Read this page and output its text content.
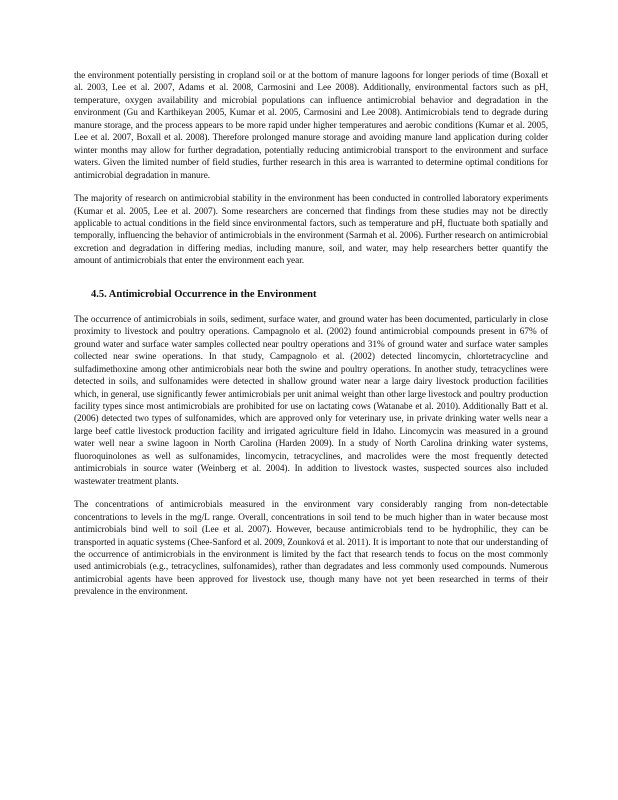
the environment potentially persisting in cropland soil or at the bottom of manure lagoons for longer periods of time (Boxall et al. 2003, Lee et al. 2007, Adams et al. 2008, Carmosini and Lee 2008). Additionally, environmental factors such as pH, temperature, oxygen availability and microbial populations can influence antimicrobial behavior and degradation in the environment (Gu and Karthikeyan 2005, Kumar et al. 2005, Carmosini and Lee 2008). Antimicrobials tend to degrade during manure storage, and the process appears to be more rapid under higher temperatures and aerobic conditions (Kumar et al. 2005, Lee et al. 2007, Boxall et al. 2008). Therefore prolonged manure storage and avoiding manure land application during colder winter months may allow for further degradation, potentially reducing antimicrobial transport to the environment and surface waters. Given the limited number of field studies, further research in this area is warranted to determine optimal conditions for antimicrobial degradation in manure.

The majority of research on antimicrobial stability in the environment has been conducted in controlled laboratory experiments (Kumar et al. 2005, Lee et al. 2007). Some researchers are concerned that findings from these studies may not be directly applicable to actual conditions in the field since environmental factors, such as temperature and pH, fluctuate both spatially and temporally, influencing the behavior of antimicrobials in the environment (Sarmah et al. 2006). Further research on antimicrobial excretion and degradation in differing medias, including manure, soil, and water, may help researchers better quantify the amount of antimicrobials that enter the environment each year.

4.5. Antimicrobial Occurrence in the Environment

The occurrence of antimicrobials in soils, sediment, surface water, and ground water has been documented, particularly in close proximity to livestock and poultry operations. Campagnolo et al. (2002) found antimicrobial compounds present in 67% of ground water and surface water samples collected near poultry operations and 31% of ground water and surface water samples collected near swine operations. In that study, Campagnolo et al. (2002) detected lincomycin, chlortetracycline and sulfadimethoxine among other antimicrobials near both the swine and poultry operations. In another study, tetracyclines were detected in soils, and sulfonamides were detected in shallow ground water near a large dairy livestock production facilities which, in general, use significantly fewer antimicrobials per unit animal weight than other large livestock and poultry production facility types since most antimicrobials are prohibited for use on lactating cows (Watanabe et al. 2010). Additionally Batt et al. (2006) detected two types of sulfonamides, which are approved only for veterinary use, in private drinking water wells near a large beef cattle livestock production facility and irrigated agriculture field in Idaho. Lincomycin was measured in a ground water well near a swine lagoon in North Carolina (Harden 2009). In a study of North Carolina drinking water systems, fluoroquinolones as well as sulfonamides, lincomycin, tetracyclines, and macrolides were the most frequently detected antimicrobials in source water (Weinberg et al. 2004). In addition to livestock wastes, suspected sources also included wastewater treatment plants.

The concentrations of antimicrobials measured in the environment vary considerably ranging from non-detectable concentrations to levels in the mg/L range. Overall, concentrations in soil tend to be much higher than in water because most antimicrobials bind well to soil (Lee et al. 2007). However, because antimicrobials tend to be hydrophilic, they can be transported in aquatic systems (Chee-Sanford et al. 2009, Zounková et al. 2011). It is important to note that our understanding of the occurrence of antimicrobials in the environment is limited by the fact that research tends to focus on the most commonly used antimicrobials (e.g., tetracyclines, sulfonamides), rather than degradates and less commonly used compounds. Numerous antimicrobial agents have been approved for livestock use, though many have not yet been researched in terms of their prevalence in the environment.
